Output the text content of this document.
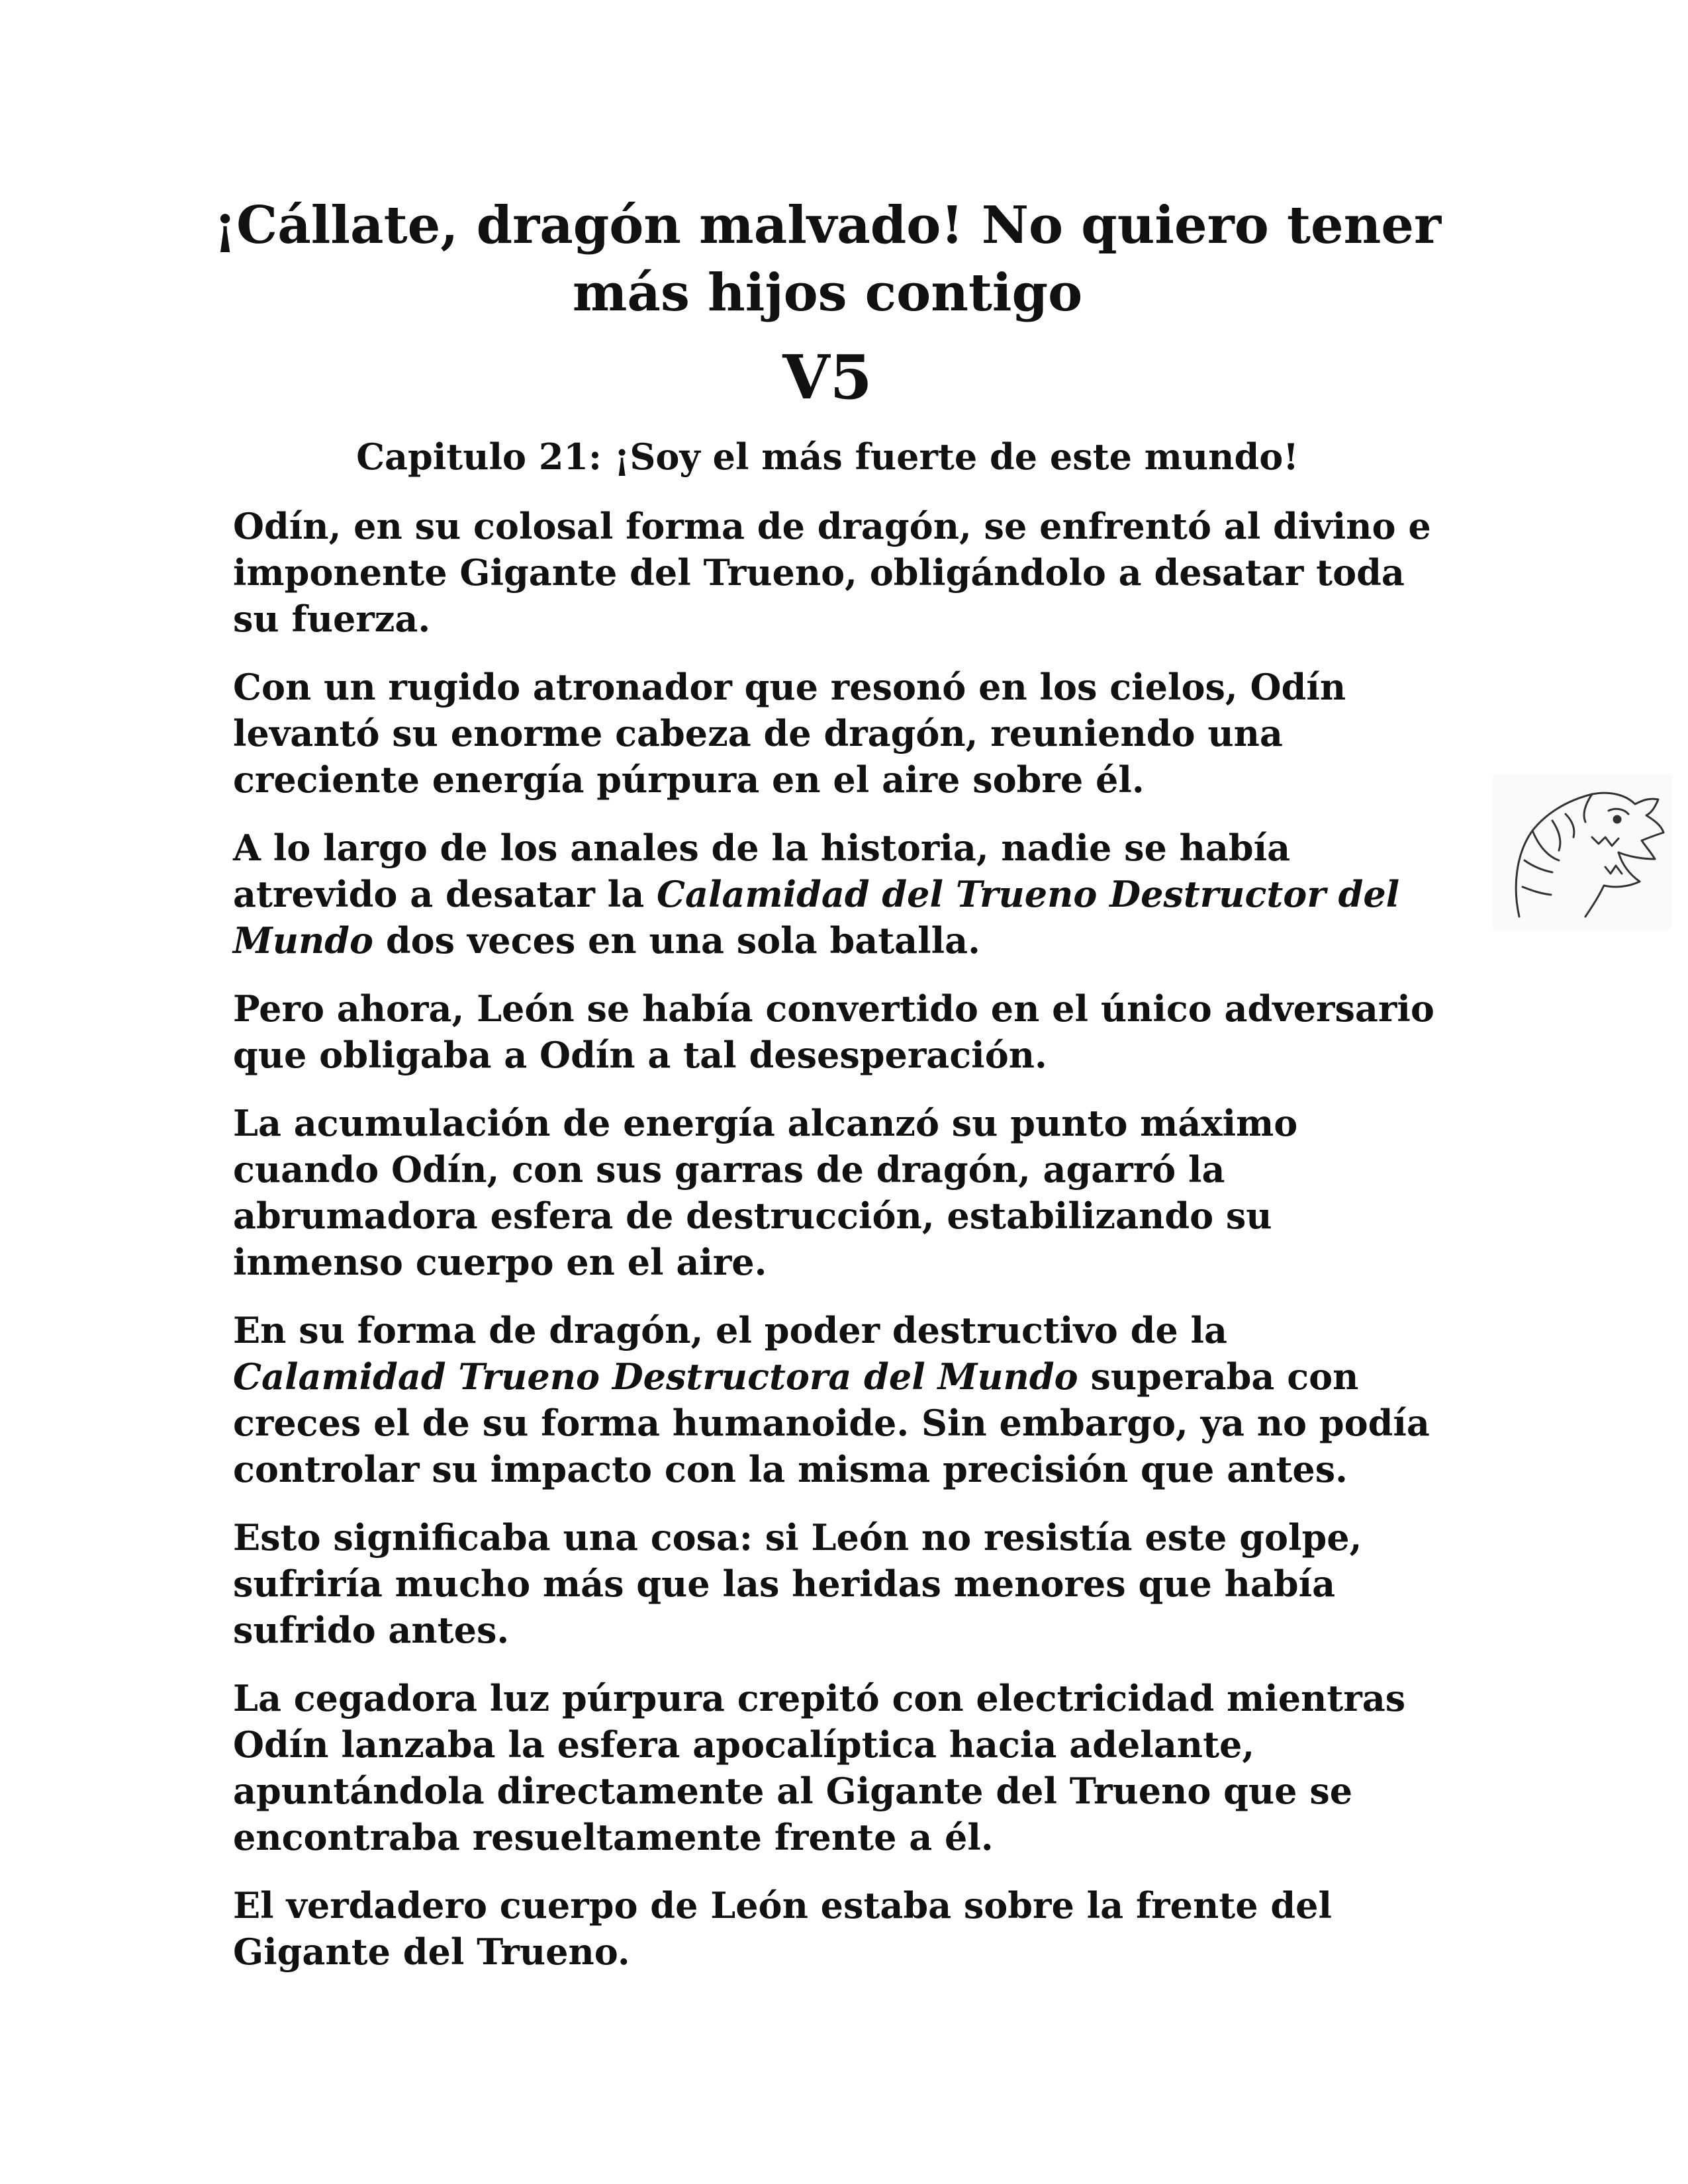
¡Cállate, dragón malvado! No quiero tener más hijos contigo
V5
Capitulo 21: ¡Soy el más fuerte de este mundo!

Odín, en su colosal forma de dragón, se enfrentó al divino e imponente Gigante del Trueno, obligándolo a desatar toda su fuerza.

Con un rugido atronador que resonó en los cielos, Odín levantó su enorme cabeza de dragón, reuniendo una creciente energía púrpura en el aire sobre él.

A lo largo de los anales de la historia, nadie se había atrevido a desatar la Calamidad del Trueno Destructor del Mundo dos veces en una sola batalla.

Pero ahora, León se había convertido en el único adversario que obligaba a Odín a tal desesperación.

La acumulación de energía alcanzó su punto máximo cuando Odín, con sus garras de dragón, agarró la abrumadora esfera de destrucción, estabilizando su inmenso cuerpo en el aire.

En su forma de dragón, el poder destructivo de la Calamidad Trueno Destructora del Mundo superaba con creces el de su forma humanoide. Sin embargo, ya no podía controlar su impacto con la misma precisión que antes.

Esto significaba una cosa: si León no resistía este golpe, sufriría mucho más que las heridas menores que había sufrido antes.

La cegadora luz púrpura crepitó con electricidad mientras Odín lanzaba la esfera apocalíptica hacia adelante, apuntándola directamente al Gigante del Trueno que se encontraba resueltamente frente a él.

El verdadero cuerpo de León estaba sobre la frente del Gigante del Trueno.
